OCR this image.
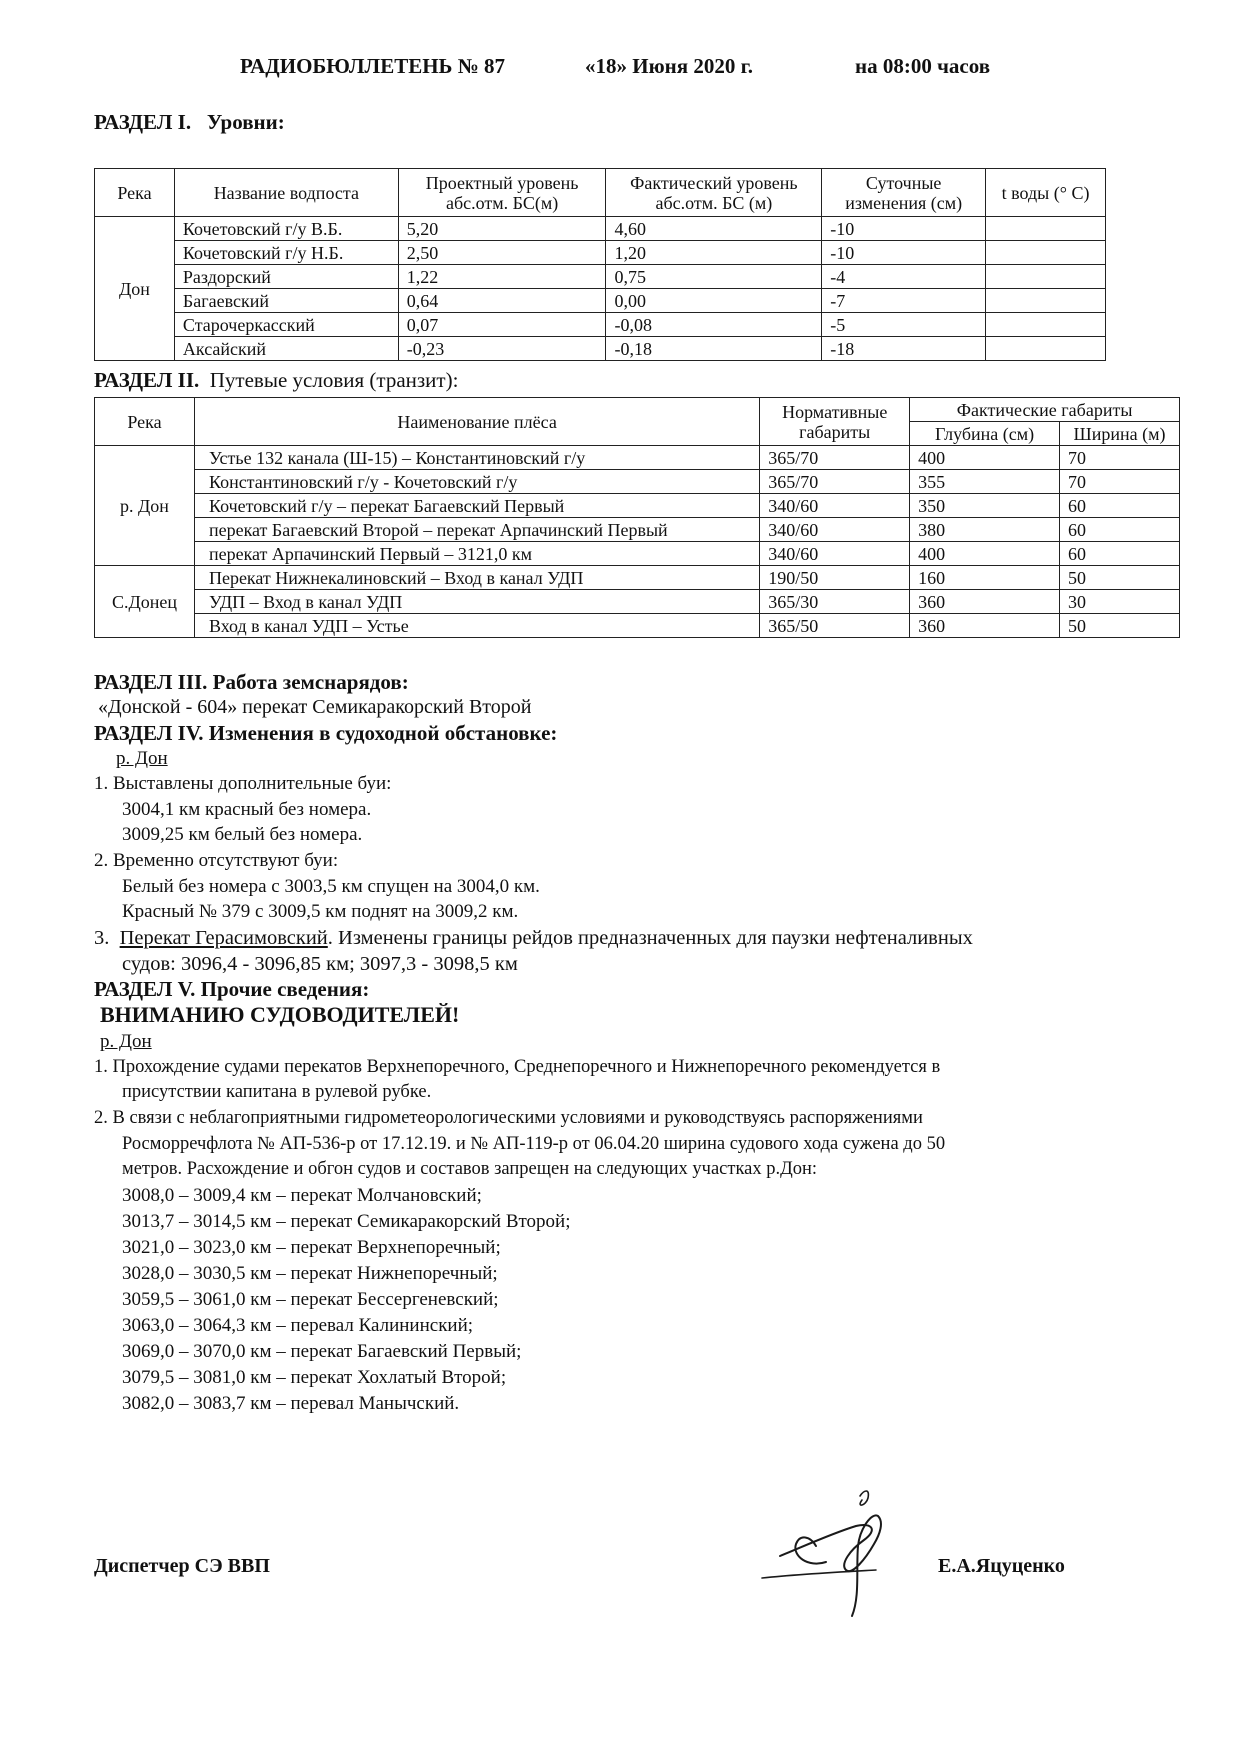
РАДИОБЮЛЛЕТЕНЬ № 87	«18» Июня 2020 г.	на 08:00 часов
РАЗДЕЛ I. Уровни:
Река	Название водпоста	Проектный уровень абс.отм. БС(м)	Фактический уровень абс.отм. БС (м)	Суточные изменения (см)	t воды (° С)
Дон	Кочетовский г/у В.Б.	5,20	4,60	-10	
	Кочетовский г/у Н.Б.	2,50	1,20	-10	
	Раздорский	1,22	0,75	-4	
	Багаевский	0,64	0,00	-7	
	Старочеркасский	0,07	-0,08	-5	
	Аксайский	-0,23	-0,18	-18	
РАЗДЕЛ II. Путевые условия (транзит):
Река	Наименование плёса	Нормативные габариты	Фактические габариты	
			Глубина (см)	Ширина (м)
р. Дон	Устье 132 канала (Ш-15) – Константиновский г/у	365/70	400	70
	Константиновский г/у - Кочетовский г/у	365/70	355	70
	Кочетовский г/у – перекат Багаевский Первый	340/60	350	60
	перекат Багаевский Второй – перекат Арпачинский Первый	340/60	380	60
	перекат Арпачинский Первый – 3121,0 км	340/60	400	60
С.Донец	Перекат Нижнекалиновский – Вход в канал УДП	190/50	160	50
	УДП – Вход в канал УДП	365/30	360	30
	Вход в канал УДП – Устье	365/50	360	50
РАЗДЕЛ III. Работа земснарядов:
«Донской - 604» перекат Семикаракорский Второй
РАЗДЕЛ IV. Изменения в судоходной обстановке:
р. Дон
1. Выставлены дополнительные буи:
3004,1 км красный без номера.
3009,25 км белый без номера.
2. Временно отсутствуют буи:
Белый без номера с 3003,5 км спущен на 3004,0 км.
Красный № 379 с 3009,5 км поднят на 3009,2 км.
3. Перекат Герасимовский. Изменены границы рейдов предназначенных для паузки нефтеналивных
судов: 3096,4 - 3096,85 км; 3097,3 - 3098,5 км
РАЗДЕЛ V. Прочие сведения:
ВНИМАНИЮ СУДОВОДИТЕЛЕЙ!
р. Дон
1. Прохождение судами перекатов Верхнепоречного, Среднепоречного и Нижнепоречного рекомендуется в
присутствии капитана в рулевой рубке.
2. В связи с неблагоприятными гидрометеорологическими условиями и руководствуясь распоряжениями
Росморречфлота № АП-536-р от 17.12.19. и № АП-119-р от 06.04.20 ширина судового хода сужена до 50
метров. Расхождение и обгон судов и составов запрещен на следующих участках р.Дон:
3008,0 – 3009,4 км – перекат Молчановский;
3013,7 – 3014,5 км – перекат Семикаракорский Второй;
3021,0 – 3023,0 км – перекат Верхнепоречный;
3028,0 – 3030,5 км – перекат Нижнепоречный;
3059,5 – 3061,0 км – перекат Бессергеневский;
3063,0 – 3064,3 км – перевал Калининский;
3069,0 – 3070,0 км – перекат Багаевский Первый;
3079,5 – 3081,0 км – перекат Хохлатый Второй;
3082,0 – 3083,7 км – перевал Манычский.
Диспетчер СЭ ВВП	Е.А.Яцуценко
